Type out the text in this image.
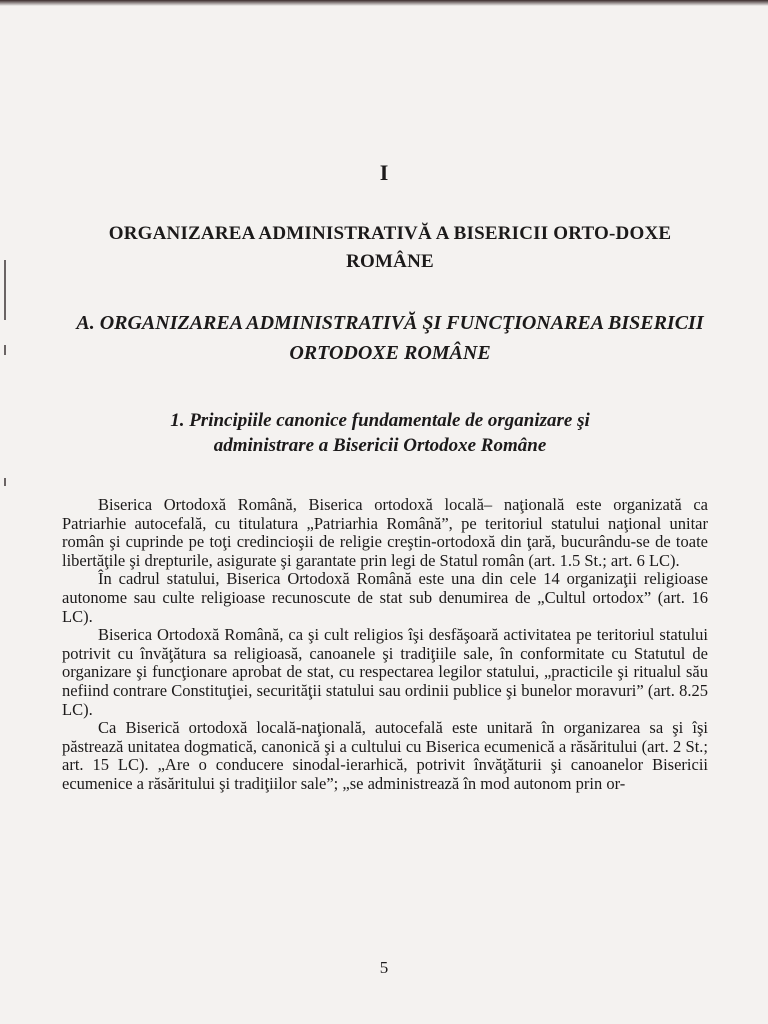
I
ORGANIZAREA ADMINISTRATIVĂ A BISERICII ORTO-DOXE ROMÂNE
A. ORGANIZAREA ADMINISTRATIVĂ ŞI FUNCŢIONAREA BISERICII ORTODOXE ROMÂNE
1. Principiile canonice fundamentale de organizare şi administrare a Bisericii Ortodoxe Române

Biserica Ortodoxă Română, Biserica ortodoxă locală– naţională este organizată ca Patriarhie autocefală, cu titulatura „Patriarhia Română”, pe teritoriul statului naţional unitar român şi cuprinde pe toţi credincioşii de religie creştin-ortodoxă din ţară, bucurându-se de toate libertăţile şi drepturile, asigurate şi garantate prin legi de Statul român (art. 1.5 St.; art. 6 LC).

În cadrul statului, Biserica Ortodoxă Română este una din cele 14 organizaţii religioase autonome sau culte religioase recunoscute de stat sub denumirea de „Cultul ortodox” (art. 16 LC).

Biserica Ortodoxă Română, ca şi cult religios îşi desfăşoară activitatea pe teritoriul statului potrivit cu învăţătura sa religioasă, canoanele şi tradiţiile sale, în conformitate cu Statutul de organizare şi funcţionare aprobat de stat, cu respectarea legilor statului, „practicile şi ritualul său nefiind contrare Constituţiei, securităţii statului sau ordinii publice şi bunelor moravuri” (art. 8.25 LC).

Ca Biserică ortodoxă locală-naţională, autocefală este unitară în organizarea sa şi îşi păstrează unitatea dogmatică, canonică şi a cultului cu Biserica ecumenică a răsăritului (art. 2 St.; art. 15 LC). „Are o conducere sinodal-ierarhică, potrivit învăţăturii şi canoanelor Bisericii ecumenice a răsăritului şi tradiţiilor sale”; „se administrează în mod autonom prin or-

5
